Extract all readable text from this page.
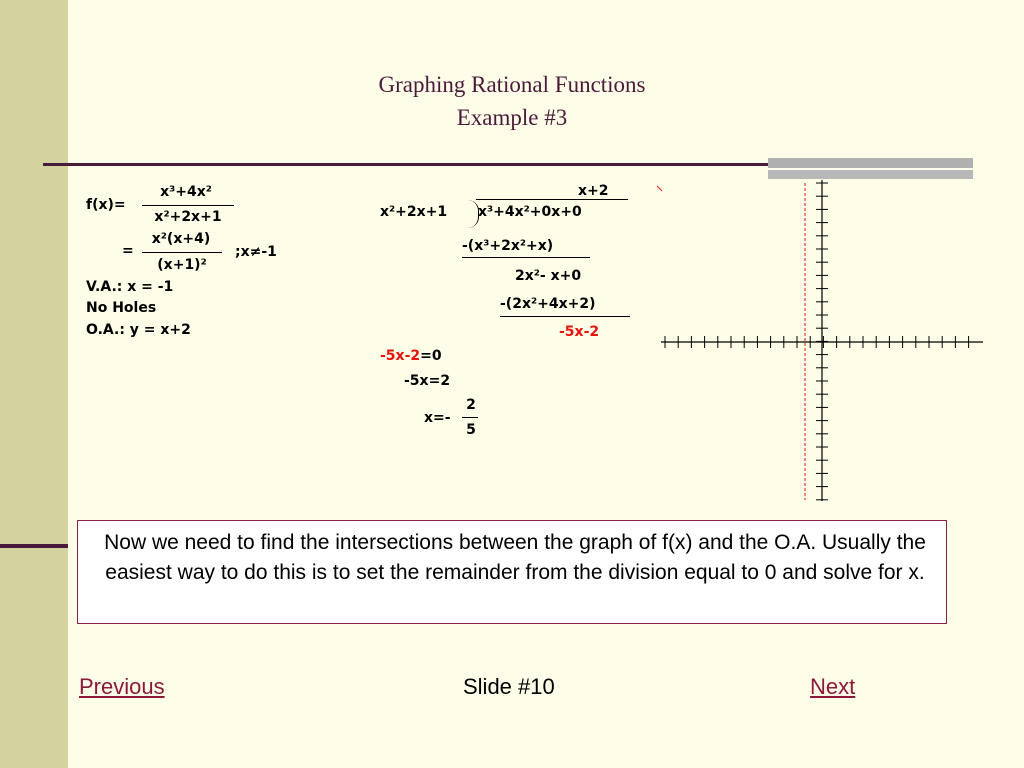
Graphing Rational Functions
Example #3
f(x)=
x³+4x²
x²+2x+1
=
x²(x+4)
(x+1)²
;x≠-1
V.A.: x = -1
No Holes
O.A.: y = x+2
x+2
x²+2x+1 x³+4x²+0x+0
-(x³+2x²+x)
2x²- x+0
-(2x²+4x+2)
-5x-2
-5x-2=0
-5x=2
x=-
2
5
Now we need to find the intersections between the graph of f(x) and the O.A. Usually the easiest way to do this is to set the remainder from the division equal to 0 and solve for x.
Previous	Slide #10	Next
